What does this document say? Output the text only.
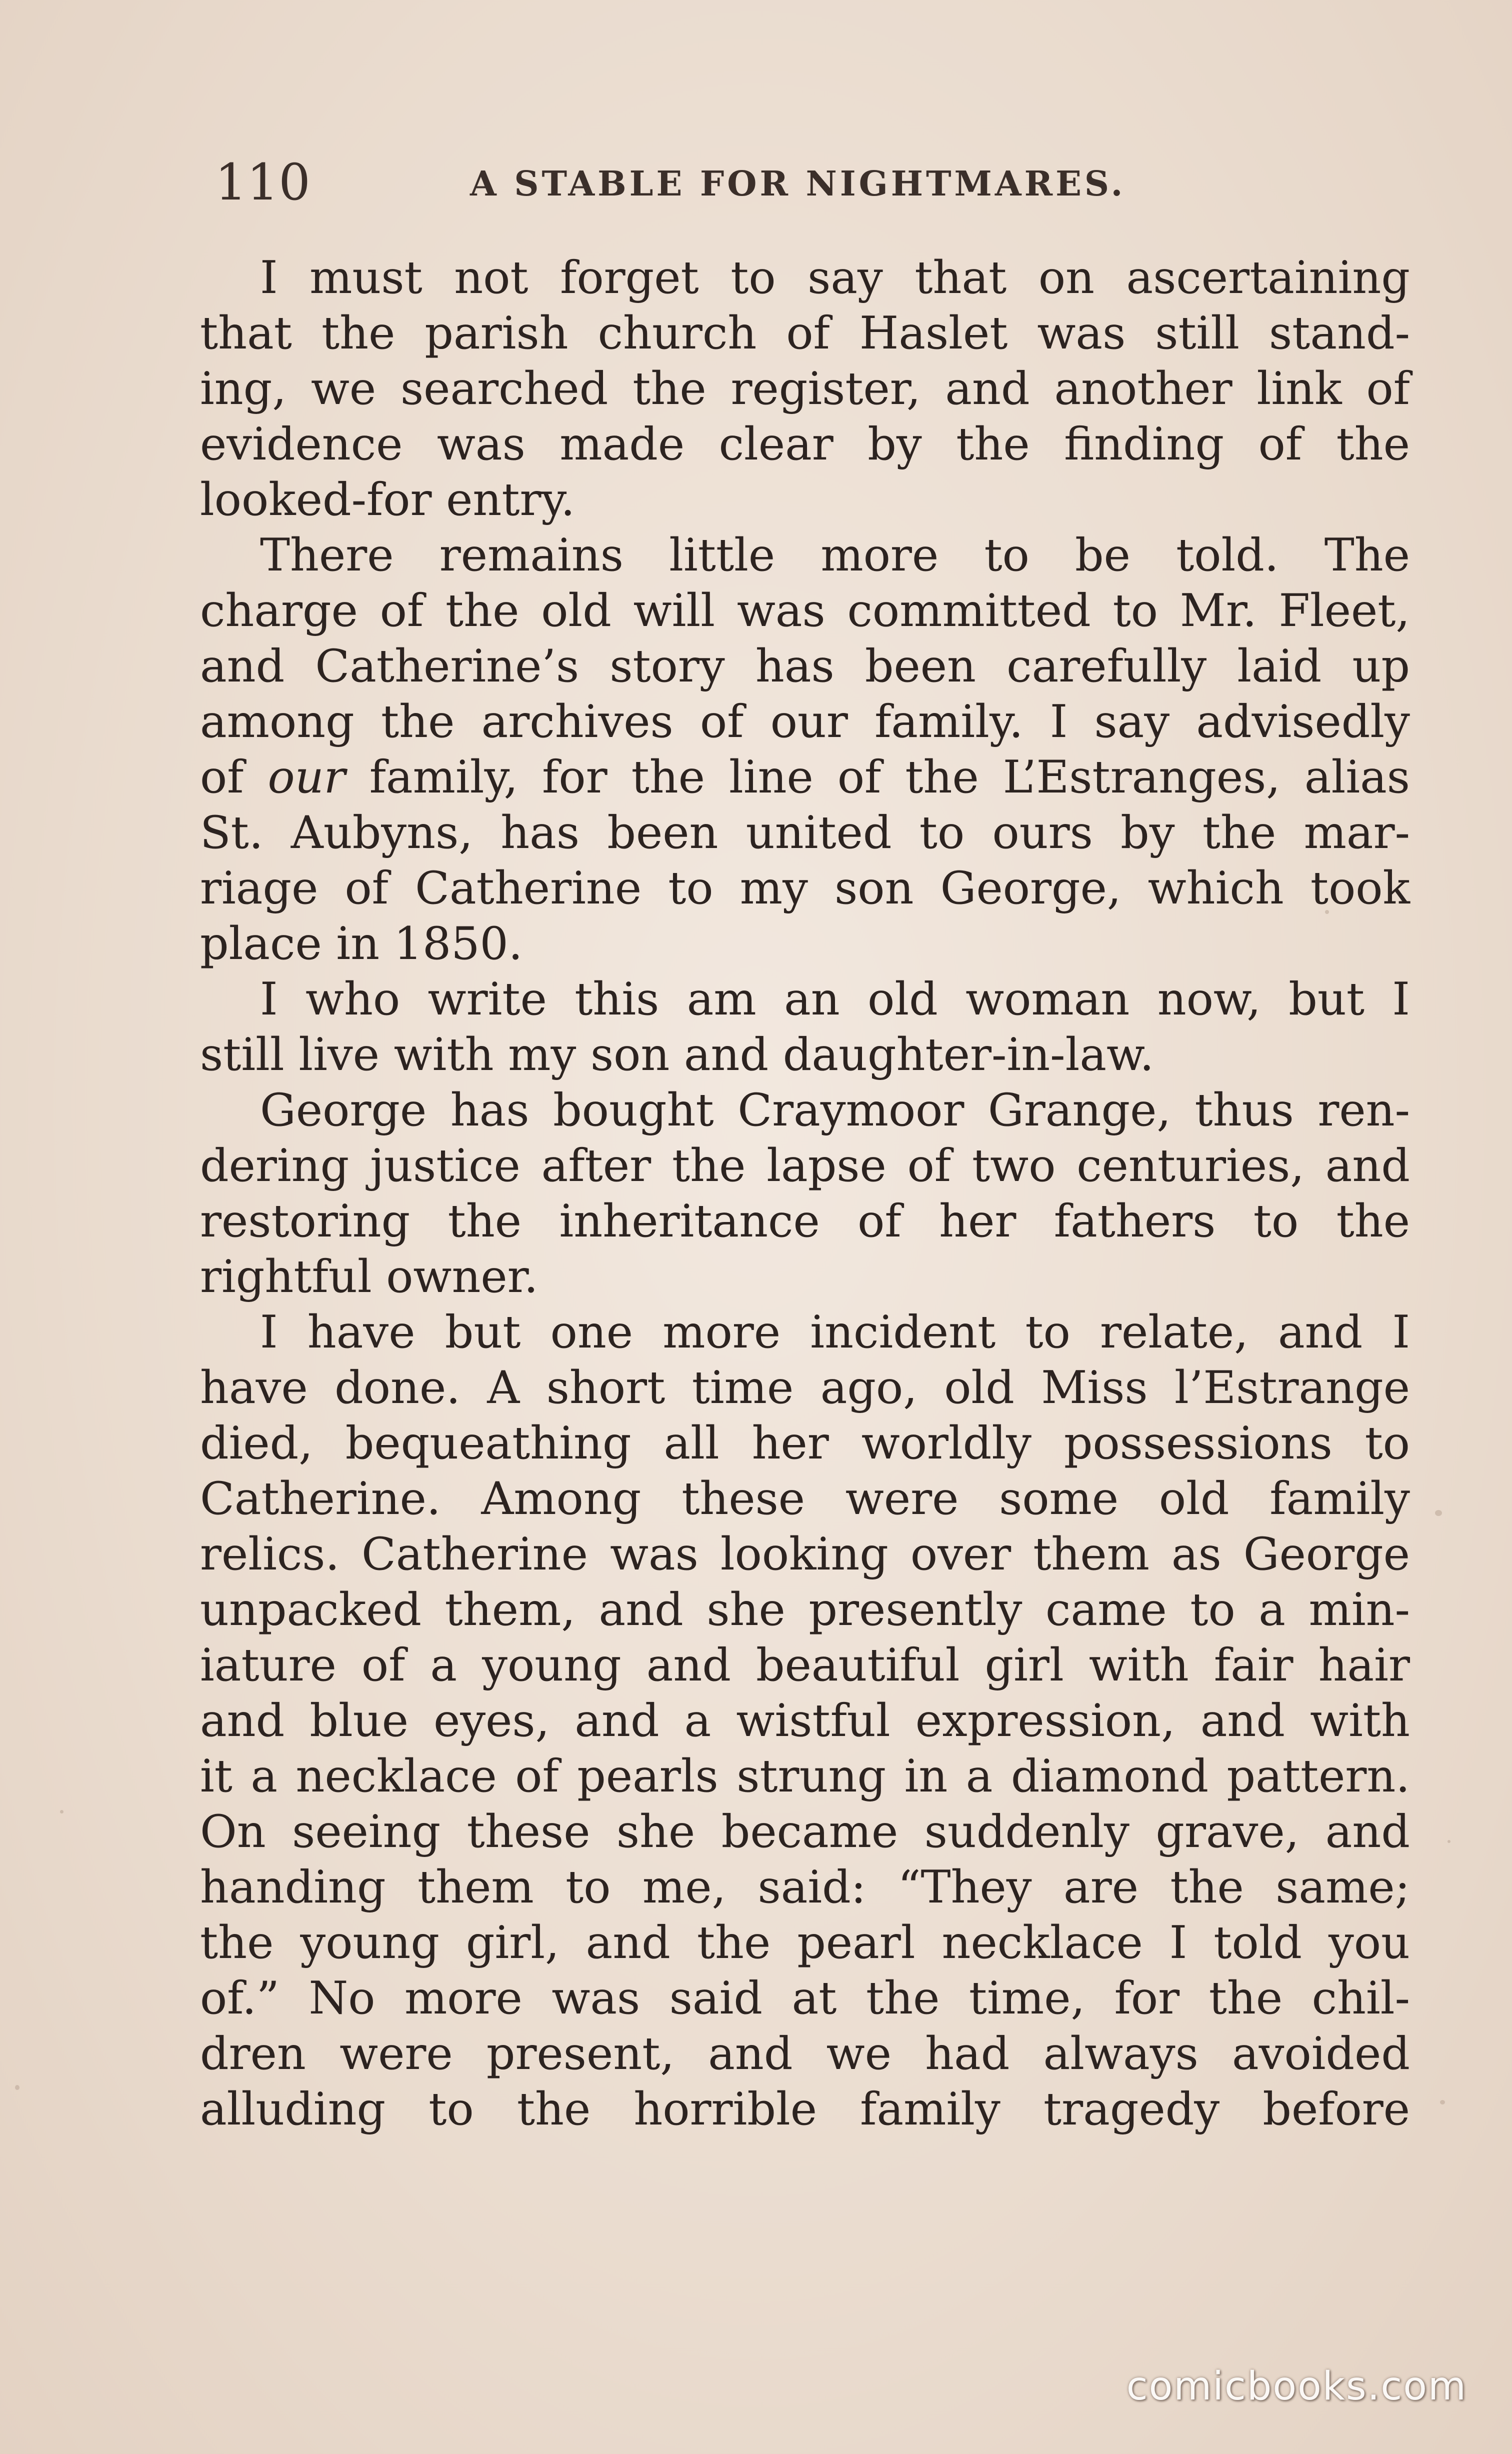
110	A STABLE FOR NIGHTMARES.
I must not forget to say that on ascertaining
that the parish church of Haslet was still stand-
ing, we searched the register, and another link of
evidence was made clear by the finding of the
looked-for entry.
There remains little more to be told. The
charge of the old will was committed to Mr. Fleet,
and Catherine’s story has been carefully laid up
among the archives of our family. I say advisedly
of our family, for the line of the L’Estranges, alias
St. Aubyns, has been united to ours by the mar-
riage of Catherine to my son George, which took
place in 1850.
I who write this am an old woman now, but I
still live with my son and daughter-in-law.
George has bought Craymoor Grange, thus ren-
dering justice after the lapse of two centuries, and
restoring the inheritance of her fathers to the
rightful owner.
I have but one more incident to relate, and I
have done. A short time ago, old Miss l’Estrange
died, bequeathing all her worldly possessions to
Catherine. Among these were some old family
relics. Catherine was looking over them as George
unpacked them, and she presently came to a min-
iature of a young and beautiful girl with fair hair
and blue eyes, and a wistful expression, and with
it a necklace of pearls strung in a diamond pattern.
On seeing these she became suddenly grave, and
handing them to me, said: “They are the same;
the young girl, and the pearl necklace I told you
of.” No more was said at the time, for the chil-
dren were present, and we had always avoided
alluding to the horrible family tragedy before
comicbooks.com
